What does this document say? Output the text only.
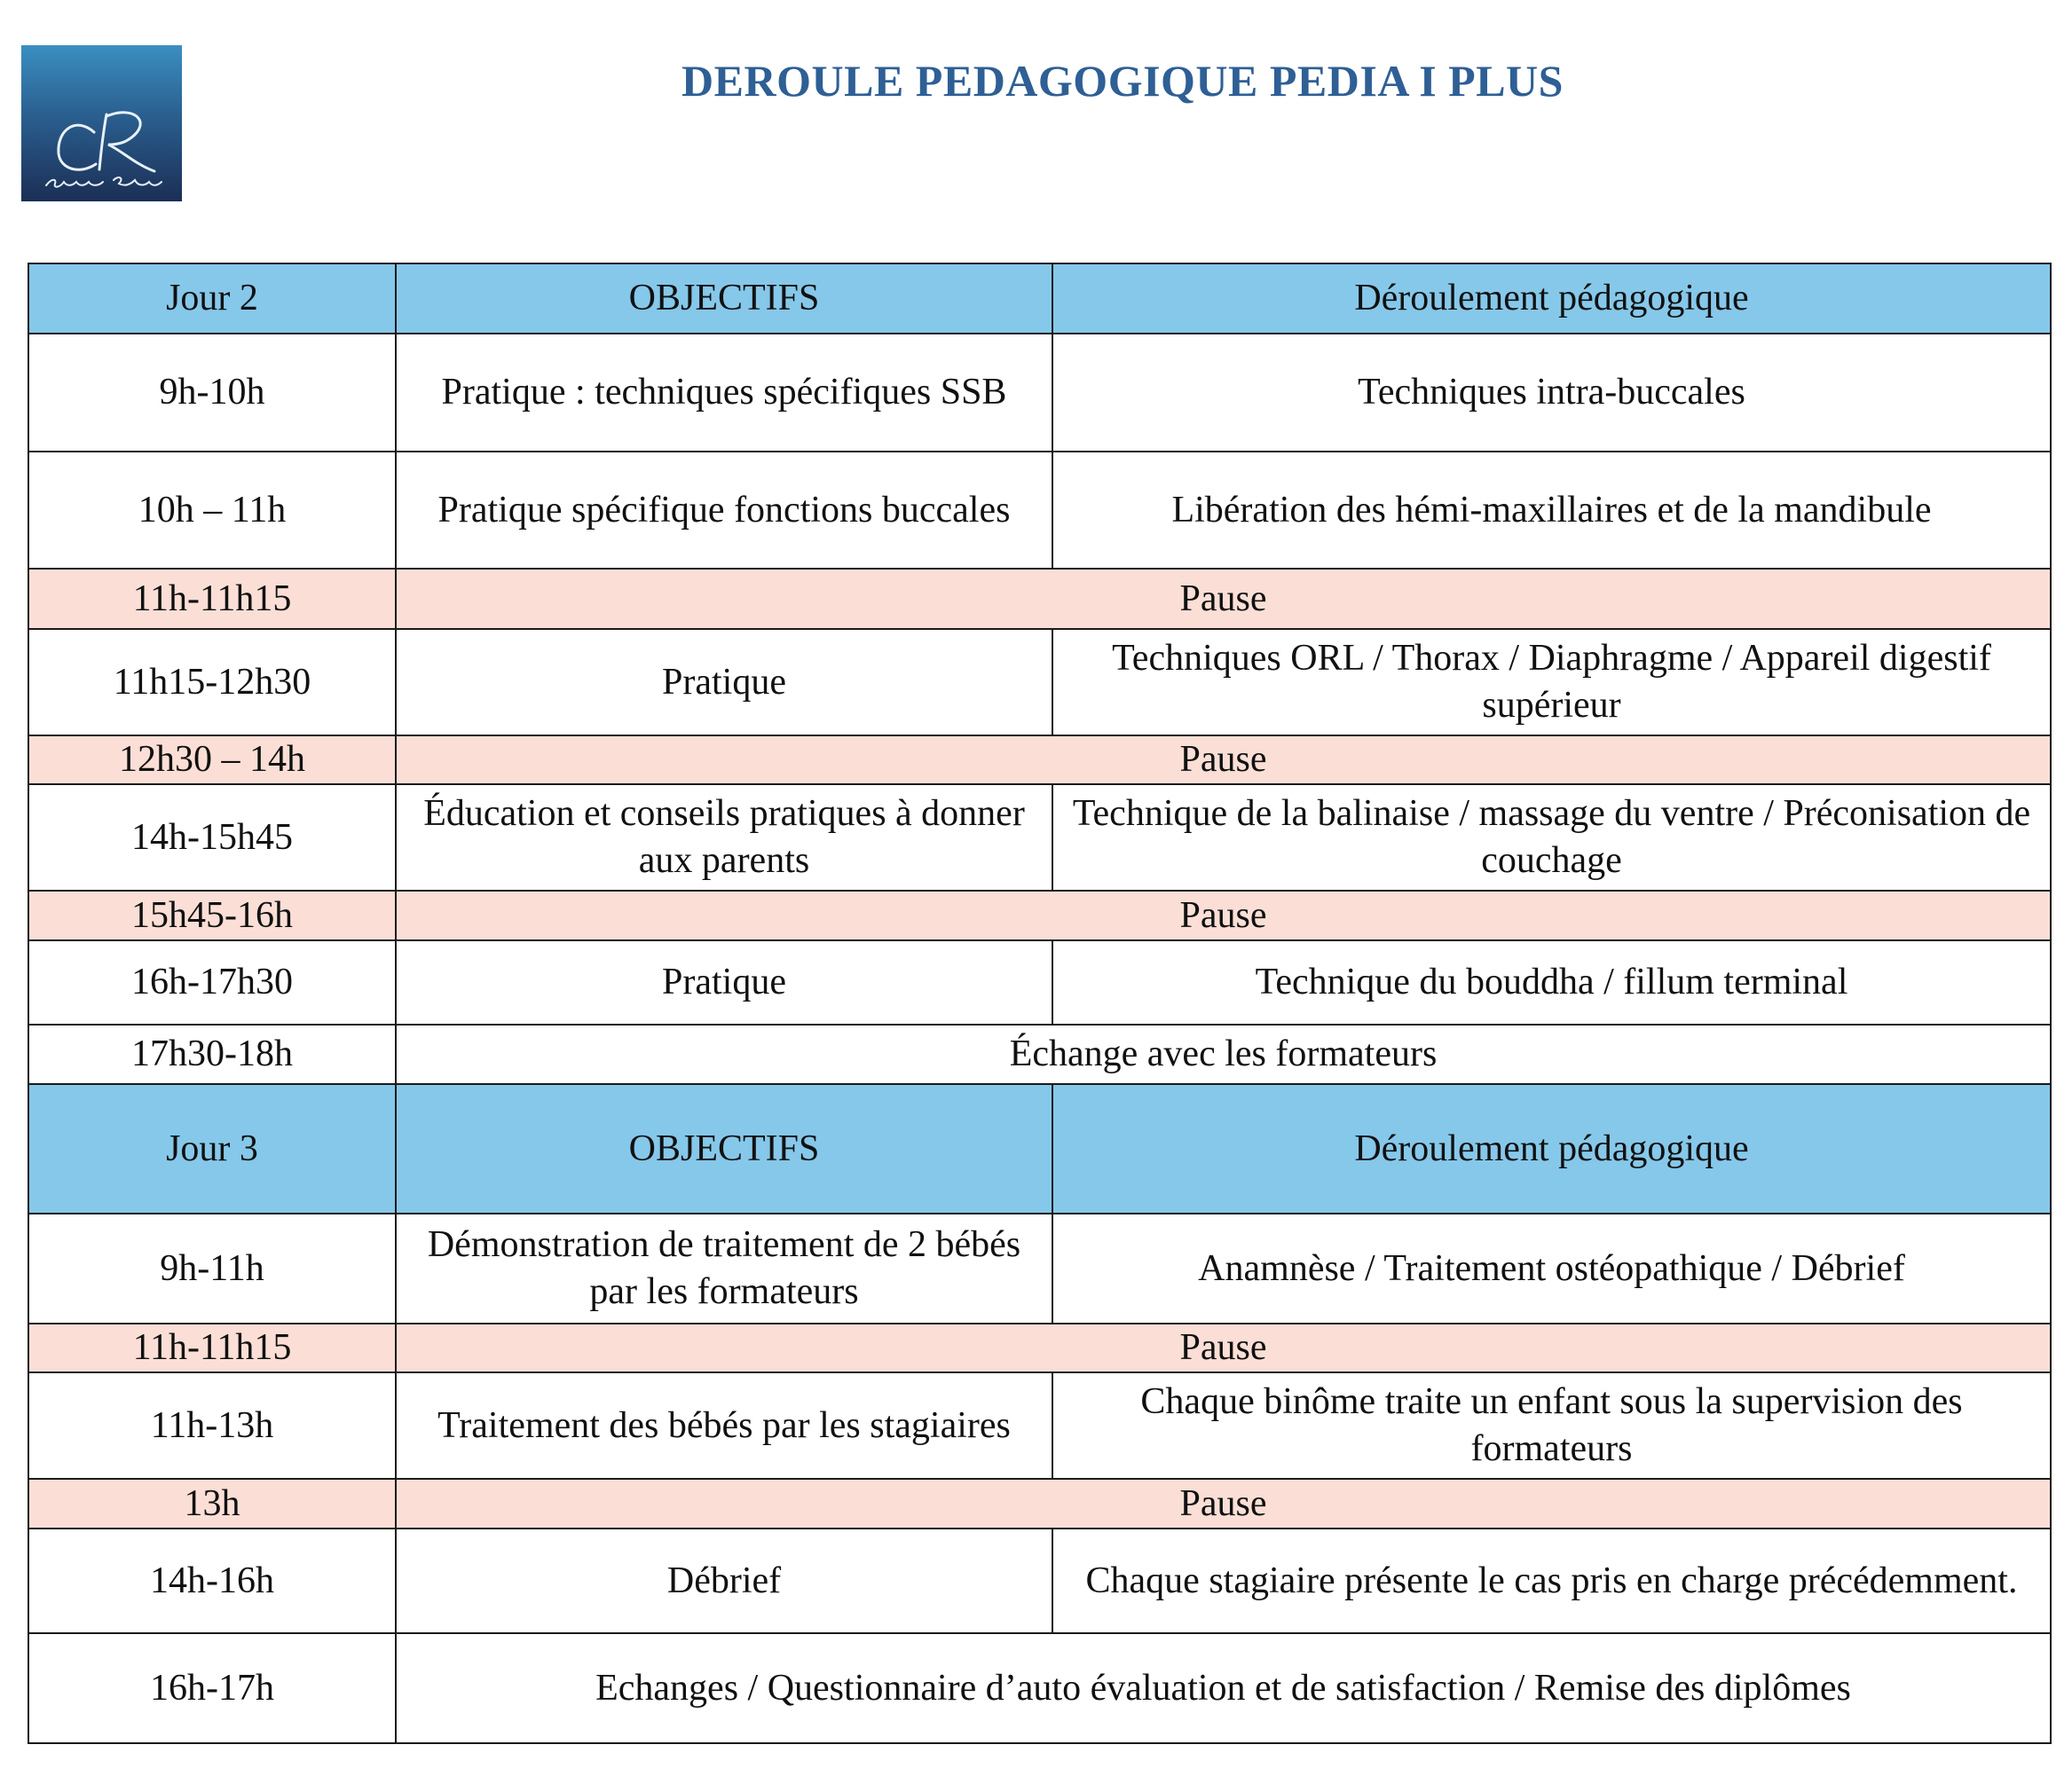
DEROULE PEDAGOGIQUE PEDIA I PLUS
Jour 2	OBJECTIFS	Déroulement pédagogique
9h-10h	Pratique : techniques spécifiques SSB	Techniques intra-buccales
10h – 11h	Pratique spécifique fonctions buccales	Libération des hémi-maxillaires et de la mandibule
11h-11h15	Pause	
11h15-12h30	Pratique	Techniques ORL / Thorax / Diaphragme / Appareil digestif supérieur
12h30 – 14h	Pause	
14h-15h45	Éducation et conseils pratiques à donner aux parents	Technique de la balinaise / massage du ventre / Préconisation de couchage
15h45-16h	Pause	
16h-17h30	Pratique	Technique du bouddha / fillum terminal
17h30-18h	Échange avec les formateurs	
Jour 3	OBJECTIFS	Déroulement pédagogique
9h-11h	Démonstration de traitement de 2 bébés par les formateurs	Anamnèse / Traitement ostéopathique / Débrief
11h-11h15	Pause	
11h-13h	Traitement des bébés par les stagiaires	Chaque binôme traite un enfant sous la supervision des formateurs
13h	Pause	
14h-16h	Débrief	Chaque stagiaire présente le cas pris en charge précédemment.
16h-17h	Echanges / Questionnaire d’auto évaluation et de satisfaction / Remise des diplômes	
